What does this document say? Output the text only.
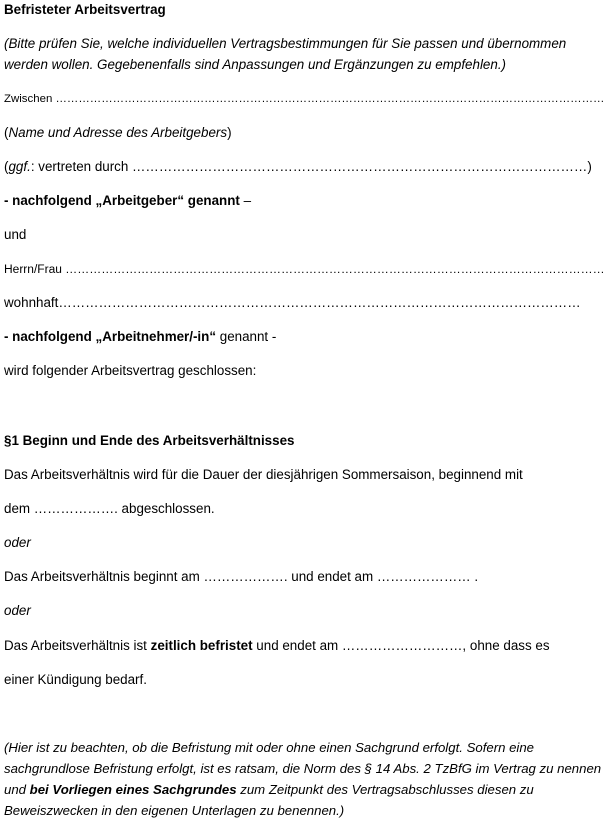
Befristeter Arbeitsvertrag
(Bitte prüfen Sie, welche individuellen Vertragsbestimmungen für Sie passen und übernommen
werden wollen. Gegebenenfalls sind Anpassungen und Ergänzungen zu empfehlen.)
Zwischen ………………………………………………………………………………………………………………………………
(Name und Adresse des Arbeitgebers)
(ggf.: vertreten durch …………………………………………………………………………………………)
- nachfolgend „Arbeitgeber“ genannt –
und
Herrn/Frau ………………………………………………………………………………………………………………………
wohnhaft………………………………………………………………………………………………………
- nachfolgend „Arbeitnehmer/-in“ genannt -
wird folgender Arbeitsvertrag geschlossen:
§1 Beginn und Ende des Arbeitsverhältnisses
Das Arbeitsverhältnis wird für die Dauer der diesjährigen Sommersaison, beginnend mit
dem ………………. abgeschlossen.
oder
Das Arbeitsverhältnis beginnt am ………………. und endet am ………………… .
oder
Das Arbeitsverhältnis ist zeitlich befristet und endet am ………………………, ohne dass es
einer Kündigung bedarf.
(Hier ist zu beachten, ob die Befristung mit oder ohne einen Sachgrund erfolgt. Sofern eine
sachgrundlose Befristung erfolgt, ist es ratsam, die Norm des § 14 Abs. 2 TzBfG im Vertrag zu nennen
und bei Vorliegen eines Sachgrundes zum Zeitpunkt des Vertragsabschlusses diesen zu
Beweiszwecken in den eigenen Unterlagen zu benennen.)
